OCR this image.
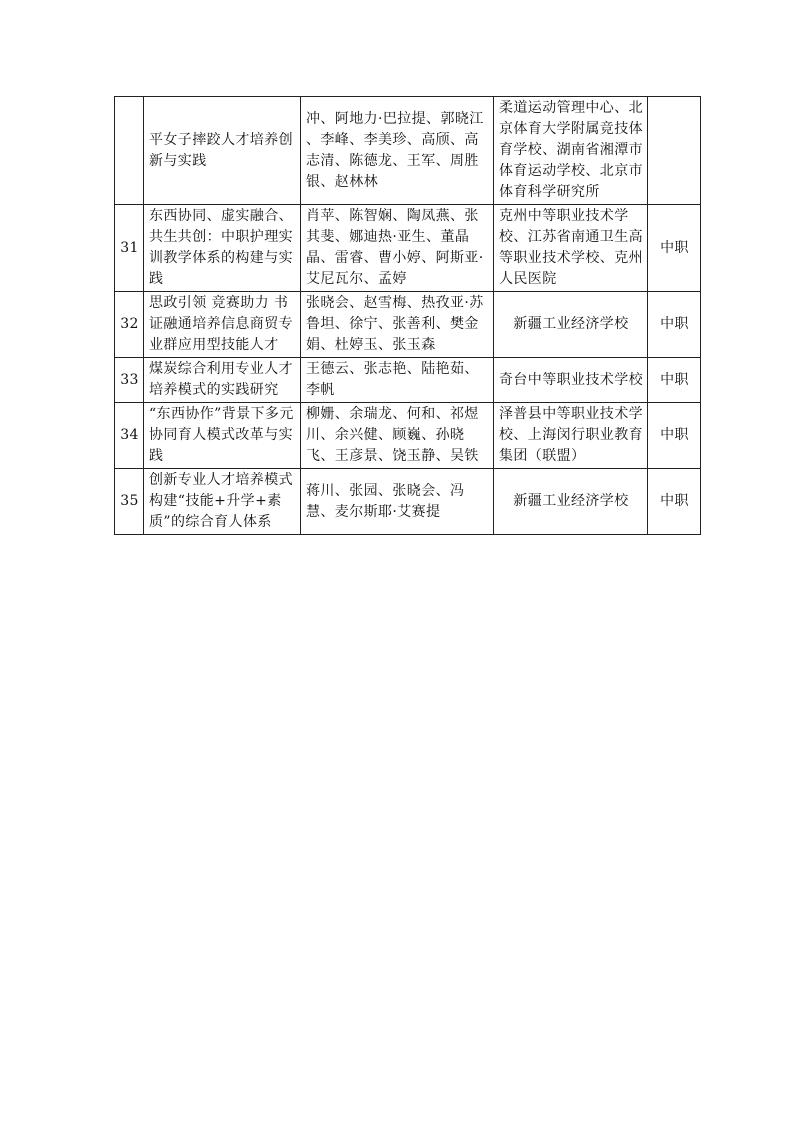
	平女子摔跤人才培养创新与实践	冲、阿地力·巴拉提、郭晓江 、李峰、李美珍、高颀、高志清、陈德龙、王军、周胜银、赵林林	柔道运动管理中心、北京体育大学附属竞技体育学校、湖南省湘潭市体育运动学校、北京市体育科学研究所	
31	东西协同、虚实融合、共生共创：中职护理实训教学体系的构建与实践	肖苹、陈智娴、陶凤燕、张其斐、娜迪热·亚生、董晶晶、雷睿、曹小婷、阿斯亚·艾尼瓦尔、孟婷	克州中等职业技术学校、江苏省南通卫生高等职业技术学校、克州人民医院	中职
32	思政引领 竞赛助力 书证融通培养信息商贸专业群应用型技能人才	张晓会、赵雪梅、热孜亚·苏鲁坦、徐宁、张善利、樊金娟、杜婷玉、张玉森	新疆工业经济学校	中职
33	煤炭综合利用专业人才培养模式的实践研究	王德云、张志艳、陆艳茹、李帆	奇台中等职业技术学校	中职
34	“东西协作”背景下多元协同育人模式改革与实践	柳姗、余瑞龙、何和、祁煜川、余兴健、顾巍、孙晓飞、王彦景、饶玉静、吴铁	泽普县中等职业技术学校、上海闵行职业教育集团（联盟）	中职
35	创新专业人才培养模式构建“技能+升学+素质”的综合育人体系	蒋川、张园、张晓会、冯慧、麦尔斯耶·艾赛提	新疆工业经济学校	中职
